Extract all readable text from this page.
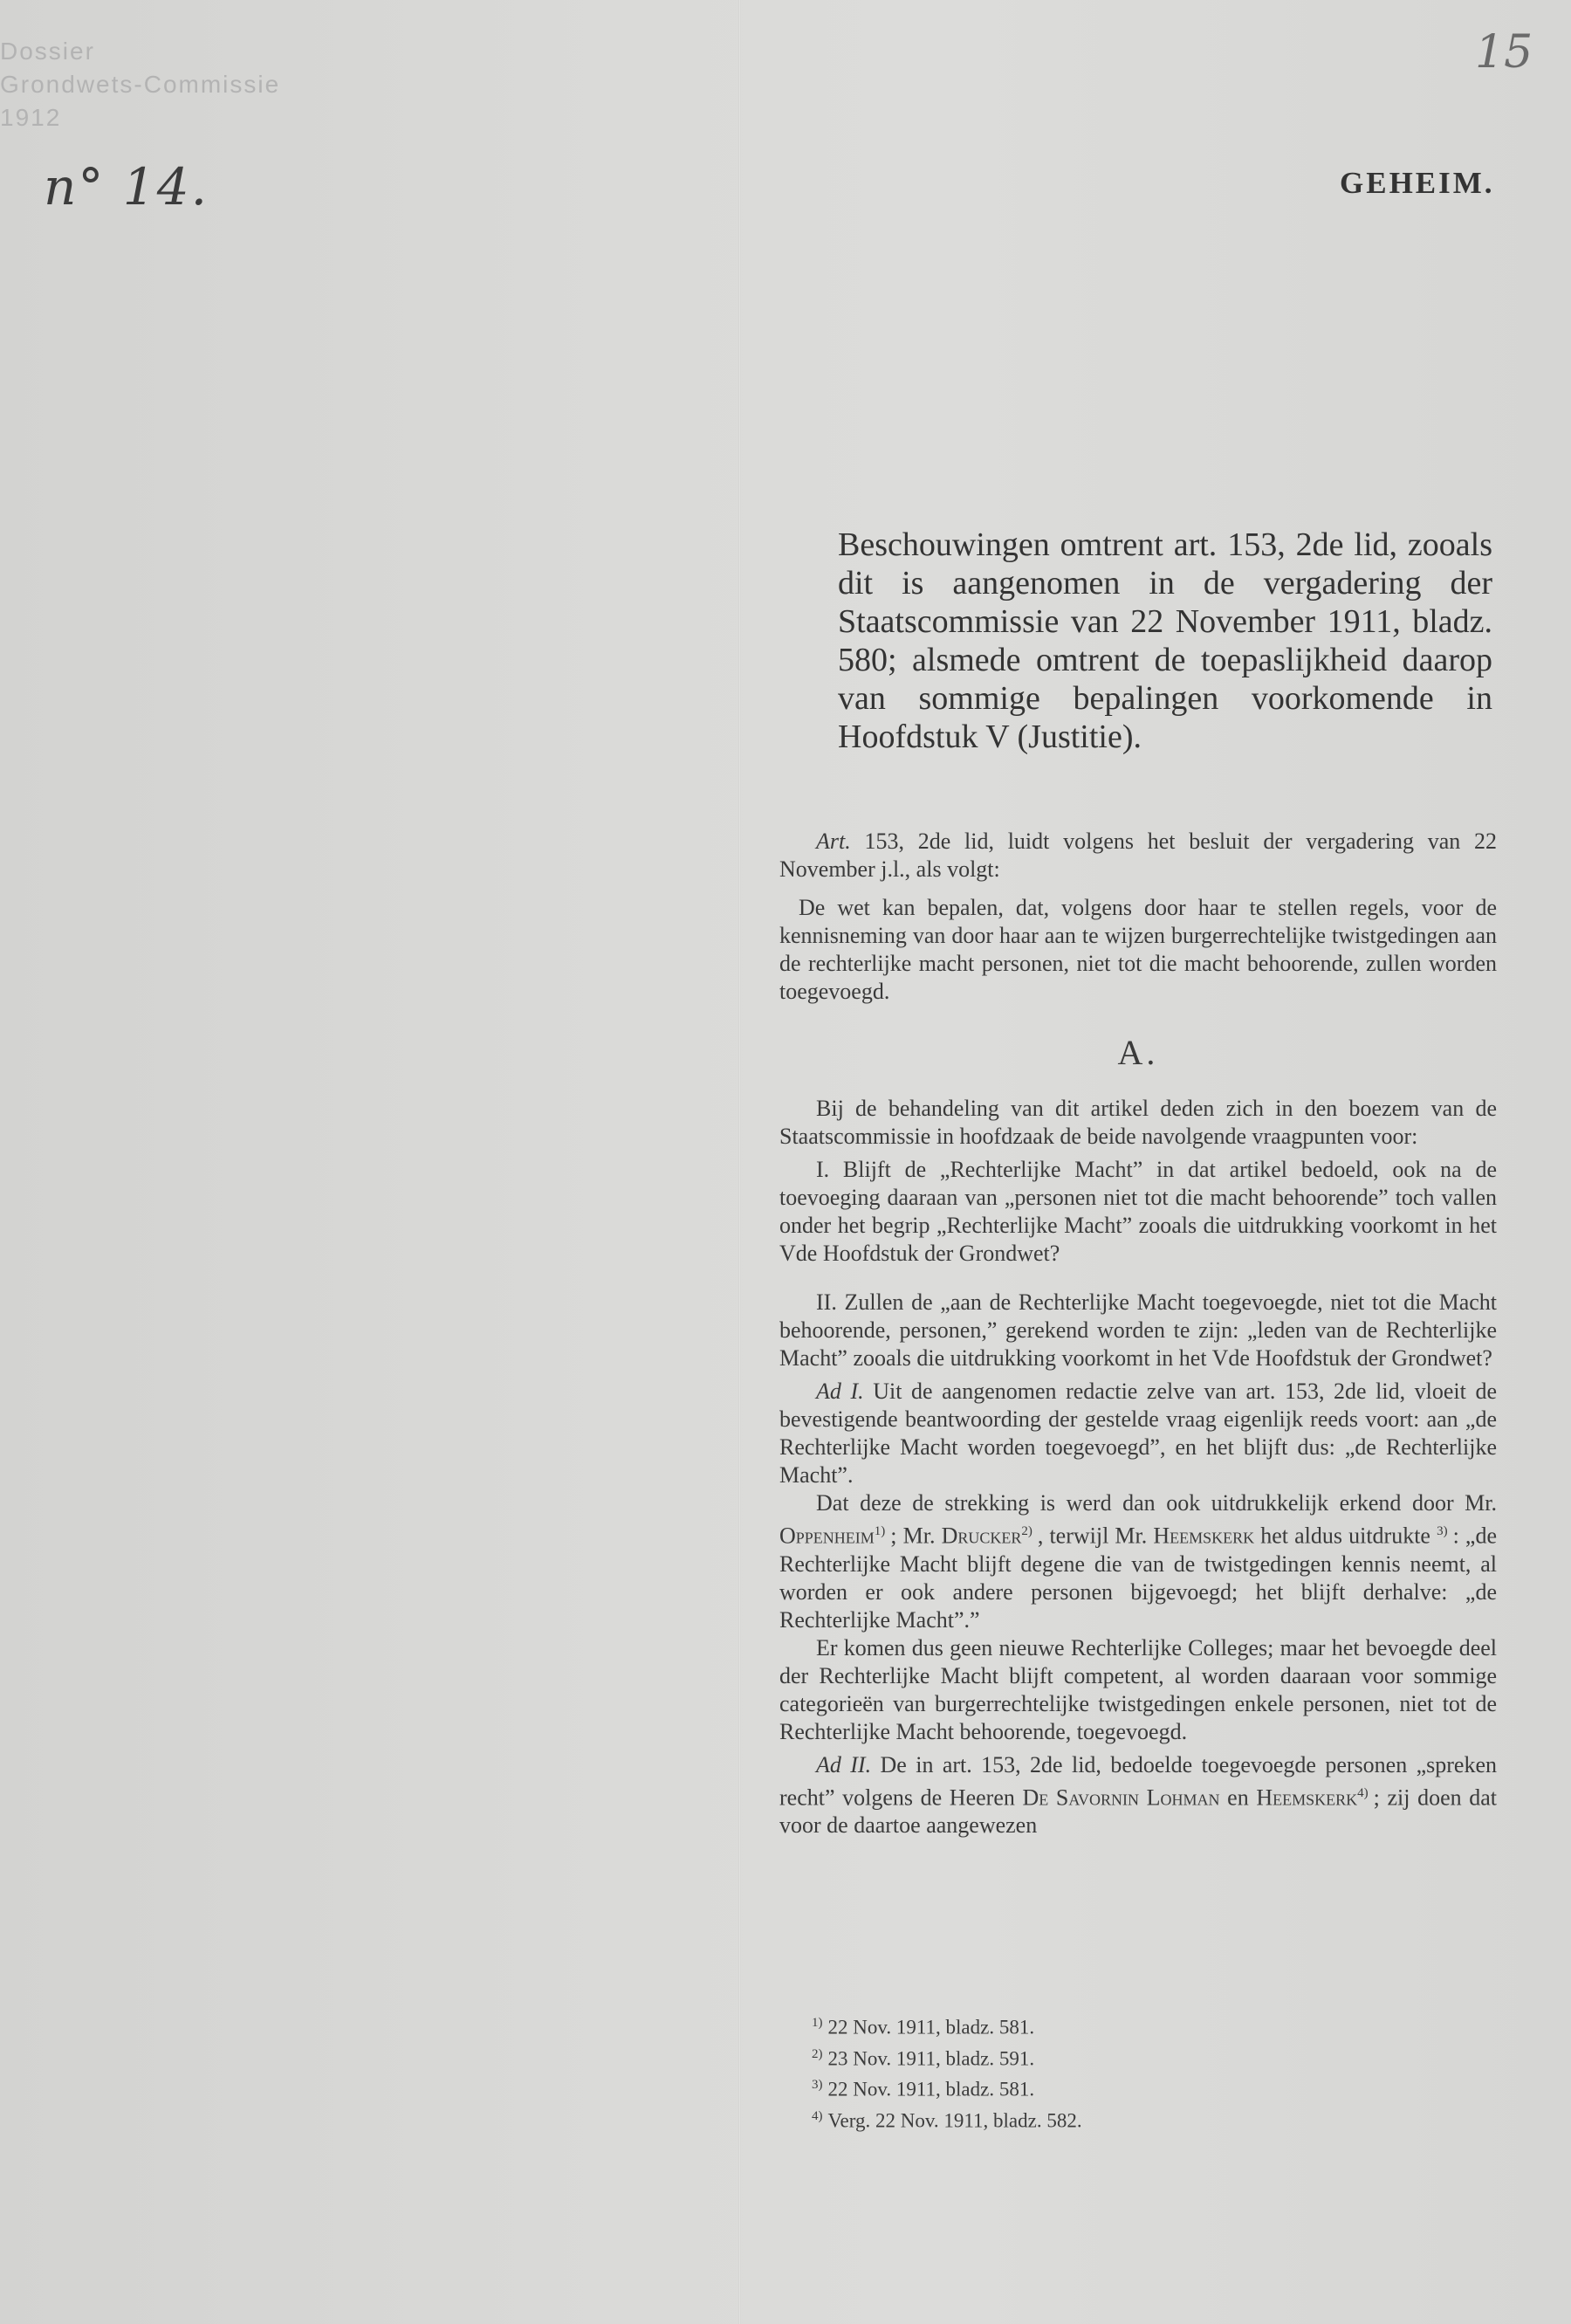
Dossier
Grondwets-Commissie
1912
n° 14.
15
GEHEIM.

Beschouwingen omtrent art. 153, 2de lid, zooals dit is aangenomen in de vergadering der Staatscommissie van 22 November 1911, bladz. 580; alsmede omtrent de toepaslijkheid daarop van sommige bepalingen voorkomende in Hoofdstuk V (Justitie).

Art. 153, 2de lid, luidt volgens het besluit der vergadering van 22 November j.l., als volgt:

De wet kan bepalen, dat, volgens door haar te stellen regels, voor de kennisneming van door haar aan te wijzen burgerrechtelijke twistgedingen aan de rechterlijke macht personen, niet tot die macht behoorende, zullen worden toegevoegd.

A.

Bij de behandeling van dit artikel deden zich in den boezem van de Staatscommissie in hoofdzaak de beide navolgende vraagpunten voor:

I. Blijft de „Rechterlijke Macht” in dat artikel bedoeld, ook na de toevoeging daaraan van „personen niet tot die macht behoorende” toch vallen onder het begrip „Rechterlijke Macht” zooals die uitdrukking voorkomt in het Vde Hoofdstuk der Grondwet?

II. Zullen de „aan de Rechterlijke Macht toegevoegde, niet tot die Macht behoorende, personen,” gerekend worden te zijn: „leden van de Rechterlijke Macht” zooals die uitdrukking voorkomt in het Vde Hoofdstuk der Grondwet?

Ad I. Uit de aangenomen redactie zelve van art. 153, 2de lid, vloeit de bevestigende beantwoording der gestelde vraag eigenlijk reeds voort: aan „de Rechterlijke Macht worden toegevoegd”, en het blijft dus: „de Rechterlijke Macht”.

Dat deze de strekking is werd dan ook uitdrukkelijk erkend door Mr. Oppenheim$^{1)}$ ; Mr. Drucker$^{2)}$ , terwijl Mr. Heemskerk het aldus uitdrukte $^{3)}$ : „de Rechterlijke Macht blijft degene die van de twistgedingen kennis neemt, al worden er ook andere personen bijgevoegd; het blijft derhalve: „de Rechterlijke Macht”.”

Er komen dus geen nieuwe Rechterlijke Colleges; maar het bevoegde deel der Rechterlijke Macht blijft competent, al worden daaraan voor sommige categorieën van burgerrechtelijke twistgedingen enkele personen, niet tot de Rechterlijke Macht behoorende, toegevoegd.

Ad II. De in art. 153, 2de lid, bedoelde toegevoegde personen „spreken recht” volgens de Heeren De Savornin Lohman en Heemskerk$^{4)}$ ; zij doen dat voor de daartoe aangewezen

$^{1)}$ 22 Nov. 1911, bladz. 581.
$^{2)}$ 23 Nov. 1911, bladz. 591.
$^{3)}$ 22 Nov. 1911, bladz. 581.
$^{4)}$ Verg. 22 Nov. 1911, bladz. 582.
